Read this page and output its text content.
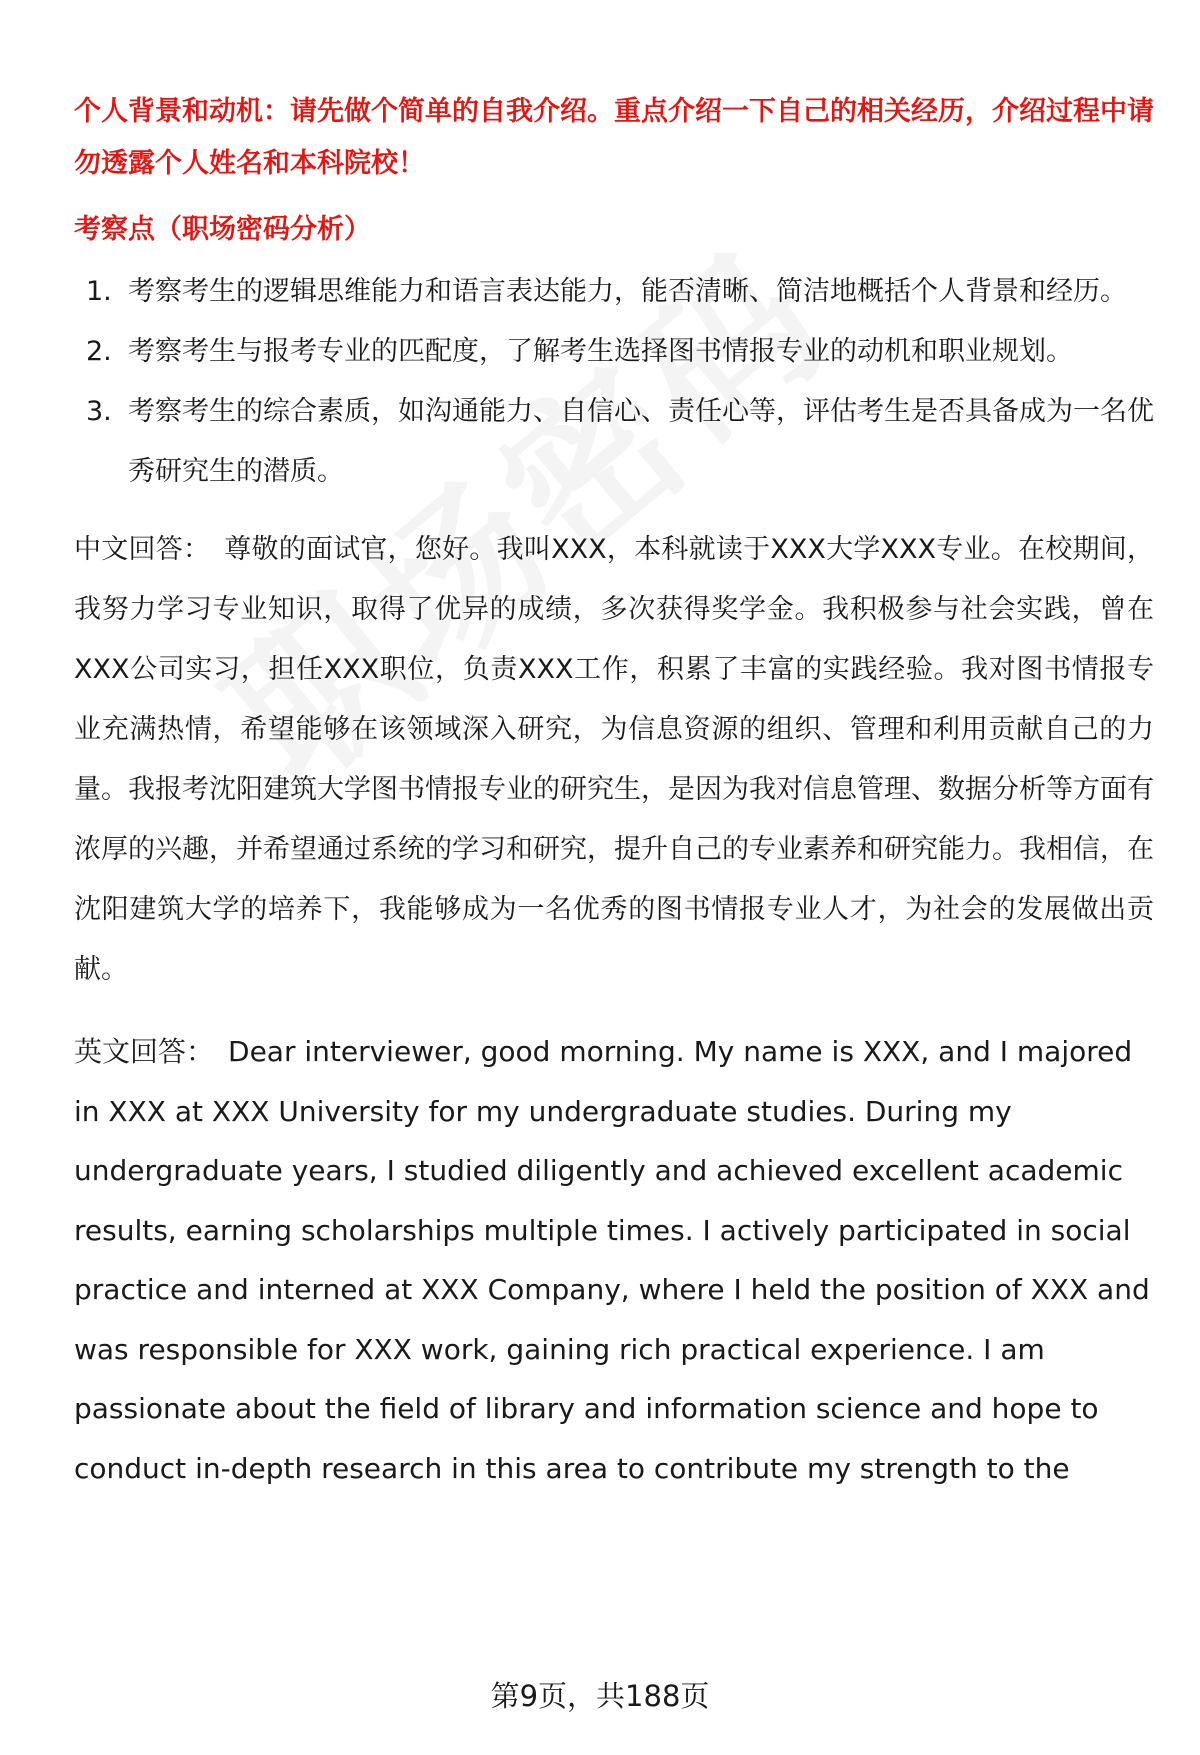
个人背景和动机：请先做个简单的自我介绍。重点介绍一下自己的相关经历，介绍过程中请勿透露个人姓名和本科院校！

考察点（职场密码分析）

1. 考察考生的逻辑思维能力和语言表达能力，能否清晰、简洁地概括个人背景和经历。
2. 考察考生与报考专业的匹配度，了解考生选择图书情报专业的动机和职业规划。
3. 考察考生的综合素质，如沟通能力、自信心、责任心等，评估考生是否具备成为一名优秀研究生的潜质。

中文回答： 尊敬的面试官，您好。我叫XXX，本科就读于XXX大学XXX专业。在校期间，我努力学习专业知识，取得了优异的成绩，多次获得奖学金。我积极参与社会实践，曾在XXX公司实习，担任XXX职位，负责XXX工作，积累了丰富的实践经验。我对图书情报专业充满热情，希望能够在该领域深入研究，为信息资源的组织、管理和利用贡献自己的力量。我报考沈阳建筑大学图书情报专业的研究生，是因为我对信息管理、数据分析等方面有浓厚的兴趣，并希望通过系统的学习和研究，提升自己的专业素养和研究能力。我相信，在沈阳建筑大学的培养下，我能够成为一名优秀的图书情报专业人才，为社会的发展做出贡献。

英文回答： Dear interviewer, good morning. My name is XXX, and I majored in XXX at XXX University for my undergraduate studies. During my undergraduate years, I studied diligently and achieved excellent academic results, earning scholarships multiple times. I actively participated in social practice and interned at XXX Company, where I held the position of XXX and was responsible for XXX work, gaining rich practical experience. I am passionate about the field of library and information science and hope to conduct in-depth research in this area to contribute my strength to the

第9页，共188页
